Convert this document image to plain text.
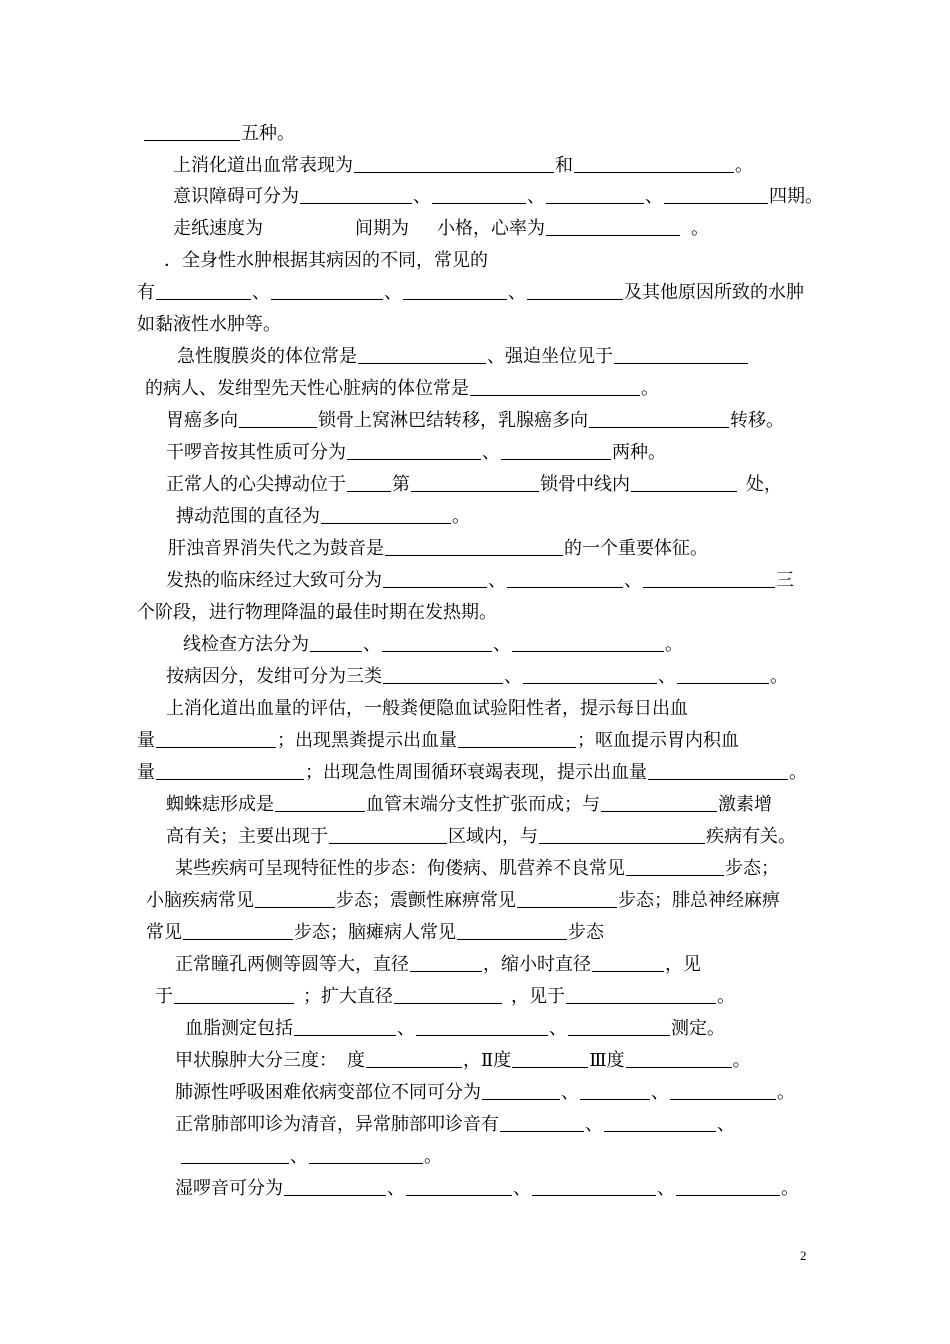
五种。
上消化道出血常表现为	和	。
意识障碍可分为	、	、	、	四期。
走纸速度为	间期为 小格，心率为	。
．全身性水肿根据其病因的不同，常见的
有	、	、	、	及其他原因所致的水肿
如黏液性水肿等。
急性腹膜炎的体位常是	、强迫坐位见于
的病人、发绀型先天性心脏病的体位常是	。
胃癌多向	锁骨上窝淋巴结转移，乳腺癌多向	转移。
干啰音按其性质可分为	、	两种。
正常人的心尖搏动位于	第	锁骨中线内	处，
搏动范围的直径为	。
肝浊音界消失代之为鼓音是	的一个重要体征。
发热的临床经过大致可分为	、	、	三
个阶段，进行物理降温的最佳时期在发热期。
线检查方法分为	、	、	。
按病因分，发绀可分为三类	、	、	。
上消化道出血量的评估，一般粪便隐血试验阳性者，提示每日出血
量	；出现黑粪提示出血量	；呕血提示胃内积血
量	；出现急性周围循环衰竭表现，提示出血量	。
蜘蛛痣形成是	血管末端分支性扩张而成；与	激素增
高有关；主要出现于	区域内，与	疾病有关。
某些疾病可呈现特征性的步态：佝偻病、肌营养不良常见	步态；
小脑疾病常见	步态；震颤性麻痹常见	步态；腓总神经麻痹
常见	步态；脑瘫病人常见	步态
正常瞳孔两侧等圆等大，直径	，缩小时直径	，见
于	；扩大直径	，见于	。
血脂测定包括	、	、	测定。
甲状腺肿大分三度： 度	，Ⅱ度	Ⅲ度	。
肺源性呼吸困难依病变部位不同可分为	、	、	。
正常肺部叩诊为清音，异常肺部叩诊音有	、	、
、	。
湿啰音可分为	、	、	、	。
2
